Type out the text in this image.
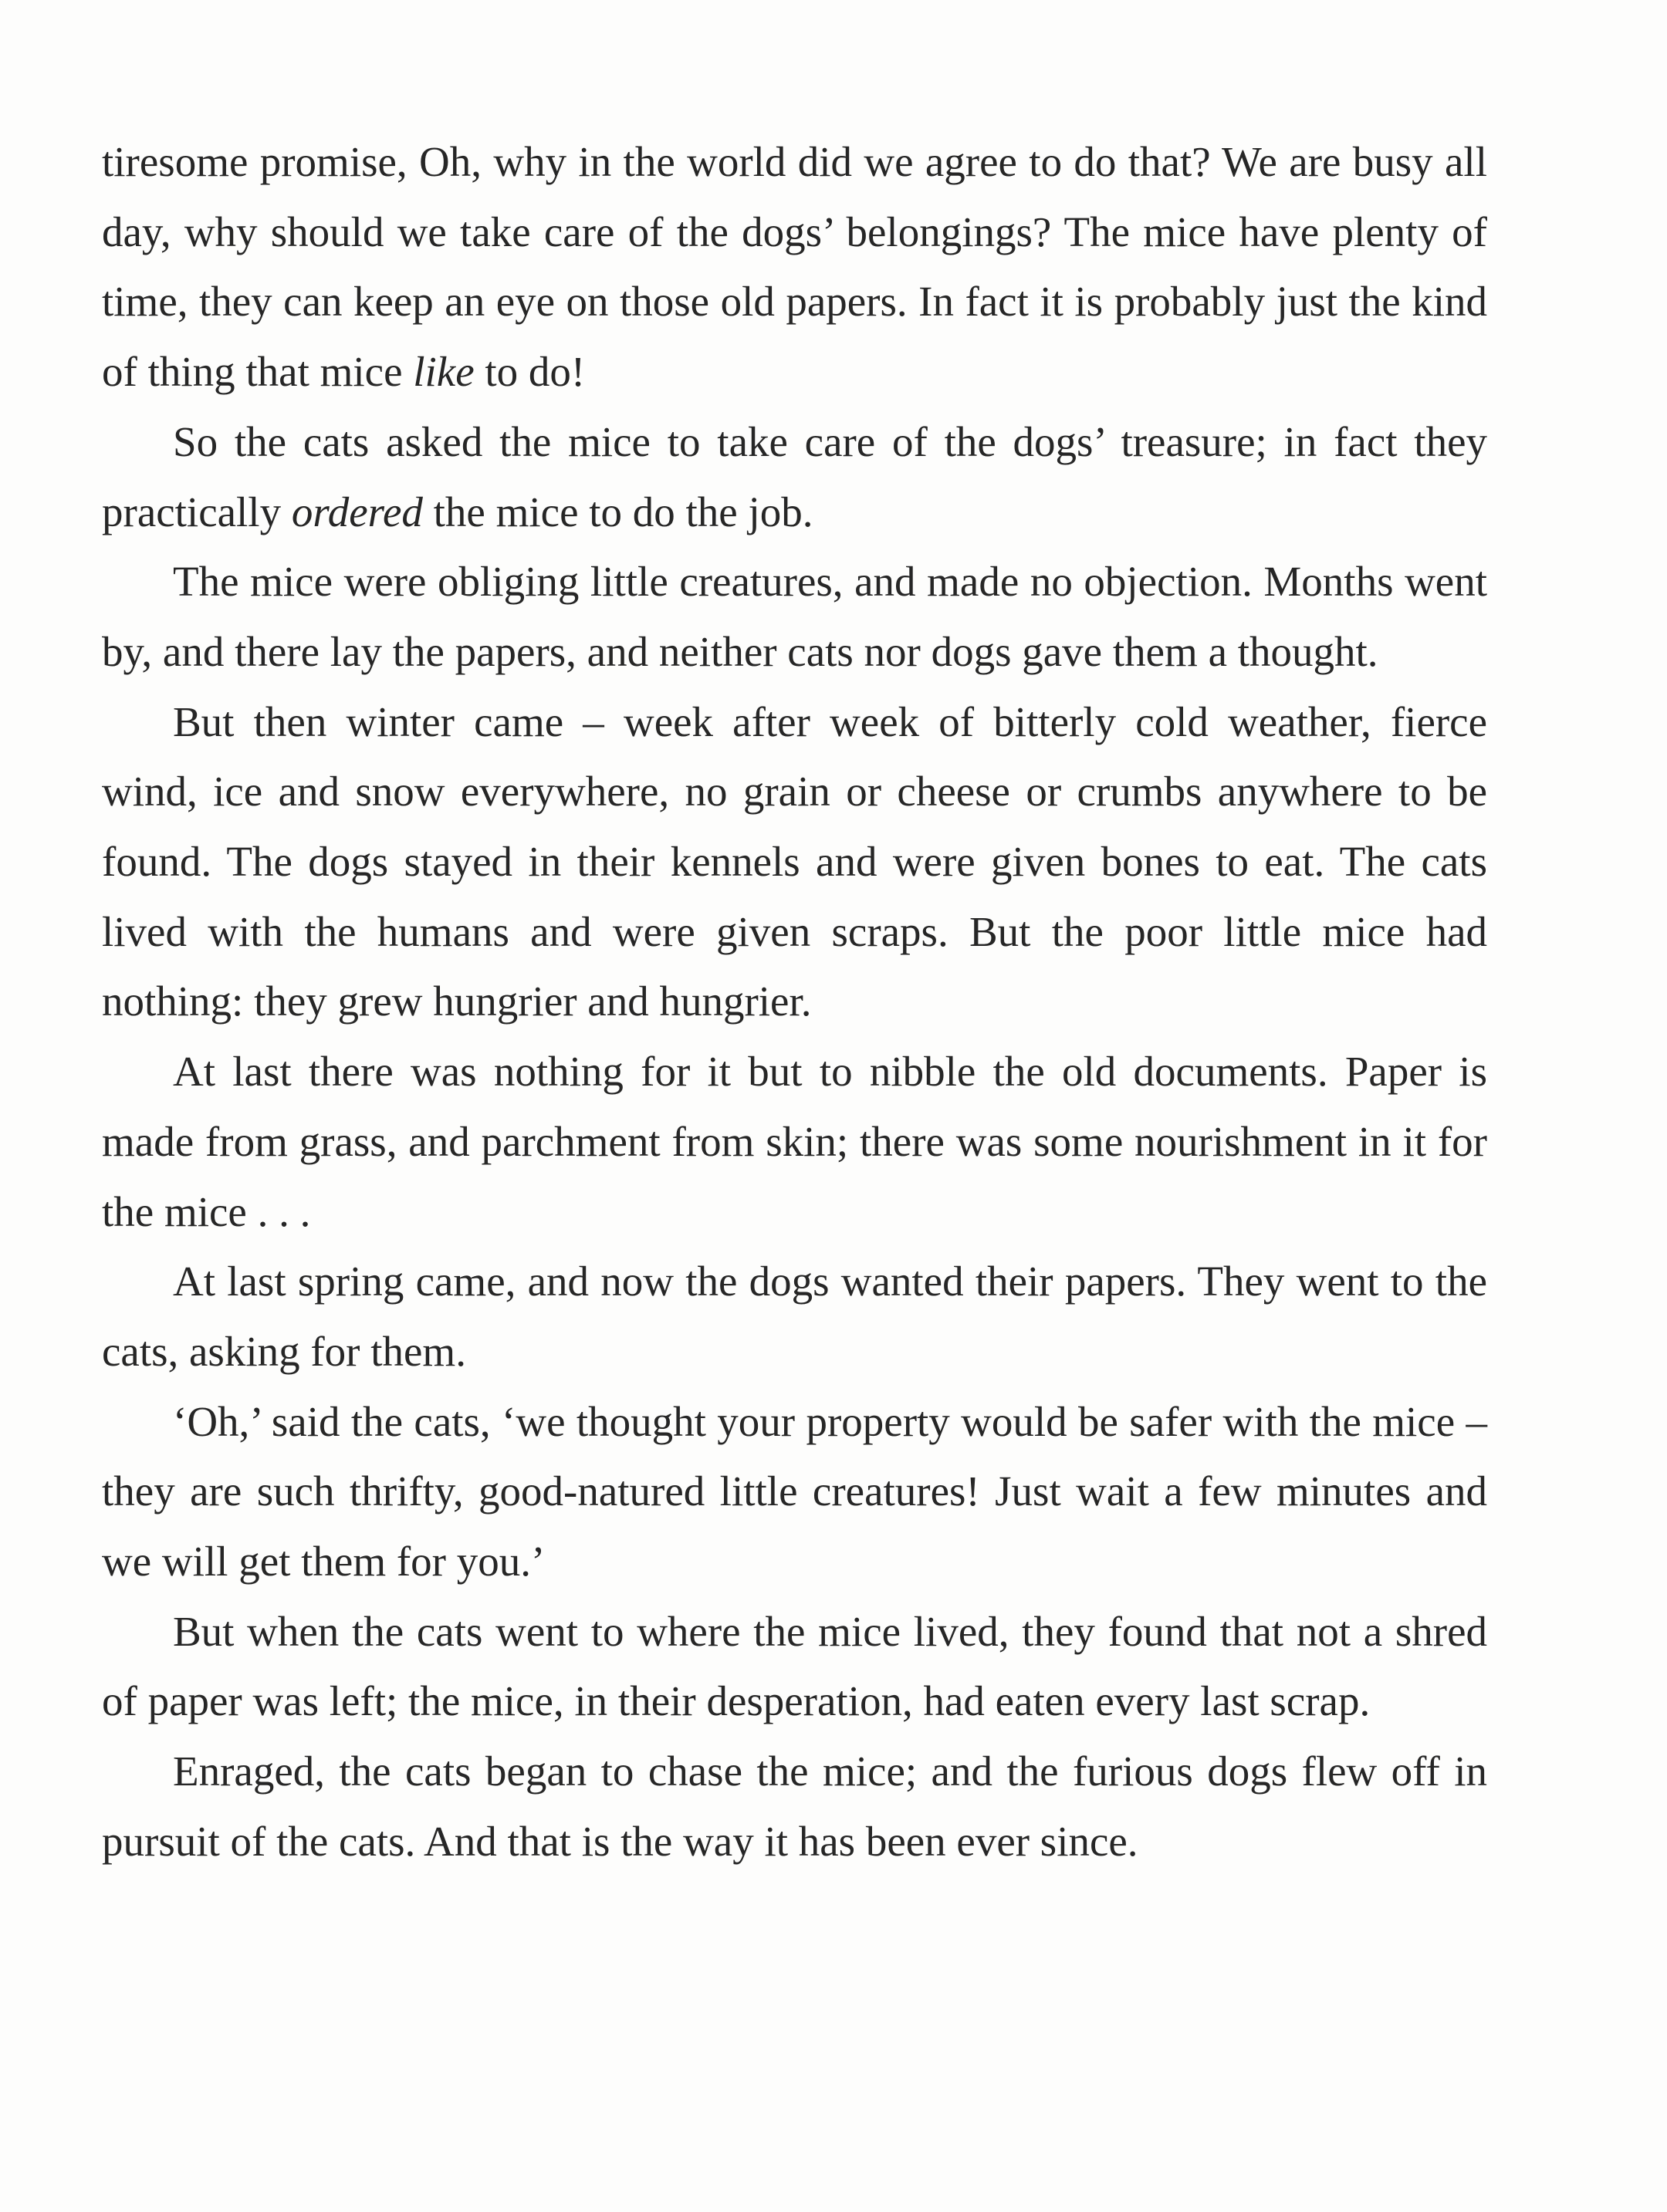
tiresome promise, Oh, why in the world did we agree to do that? We are busy all day, why should we take care of the dogs’ belongings? The mice have plenty of time, they can keep an eye on those old papers. In fact it is probably just the kind of thing that mice like to do!

So the cats asked the mice to take care of the dogs’ treasure; in fact they practically ordered the mice to do the job.

The mice were obliging little creatures, and made no objection. Months went by, and there lay the papers, and neither cats nor dogs gave them a thought.

But then winter came – week after week of bitterly cold weather, fierce wind, ice and snow everywhere, no grain or cheese or crumbs anywhere to be found. The dogs stayed in their kennels and were given bones to eat. The cats lived with the humans and were given scraps. But the poor little mice had nothing: they grew hungrier and hungrier.

At last there was nothing for it but to nibble the old documents. Paper is made from grass, and parchment from skin; there was some nourishment in it for the mice . . .

At last spring came, and now the dogs wanted their papers. They went to the cats, asking for them.

‘Oh,’ said the cats, ‘we thought your property would be safer with the mice – they are such thrifty, good-natured little creatures! Just wait a few minutes and we will get them for you.’

But when the cats went to where the mice lived, they found that not a shred of paper was left; the mice, in their desperation, had eaten every last scrap.

Enraged, the cats began to chase the mice; and the furious dogs flew off in pursuit of the cats. And that is the way it has been ever since.
